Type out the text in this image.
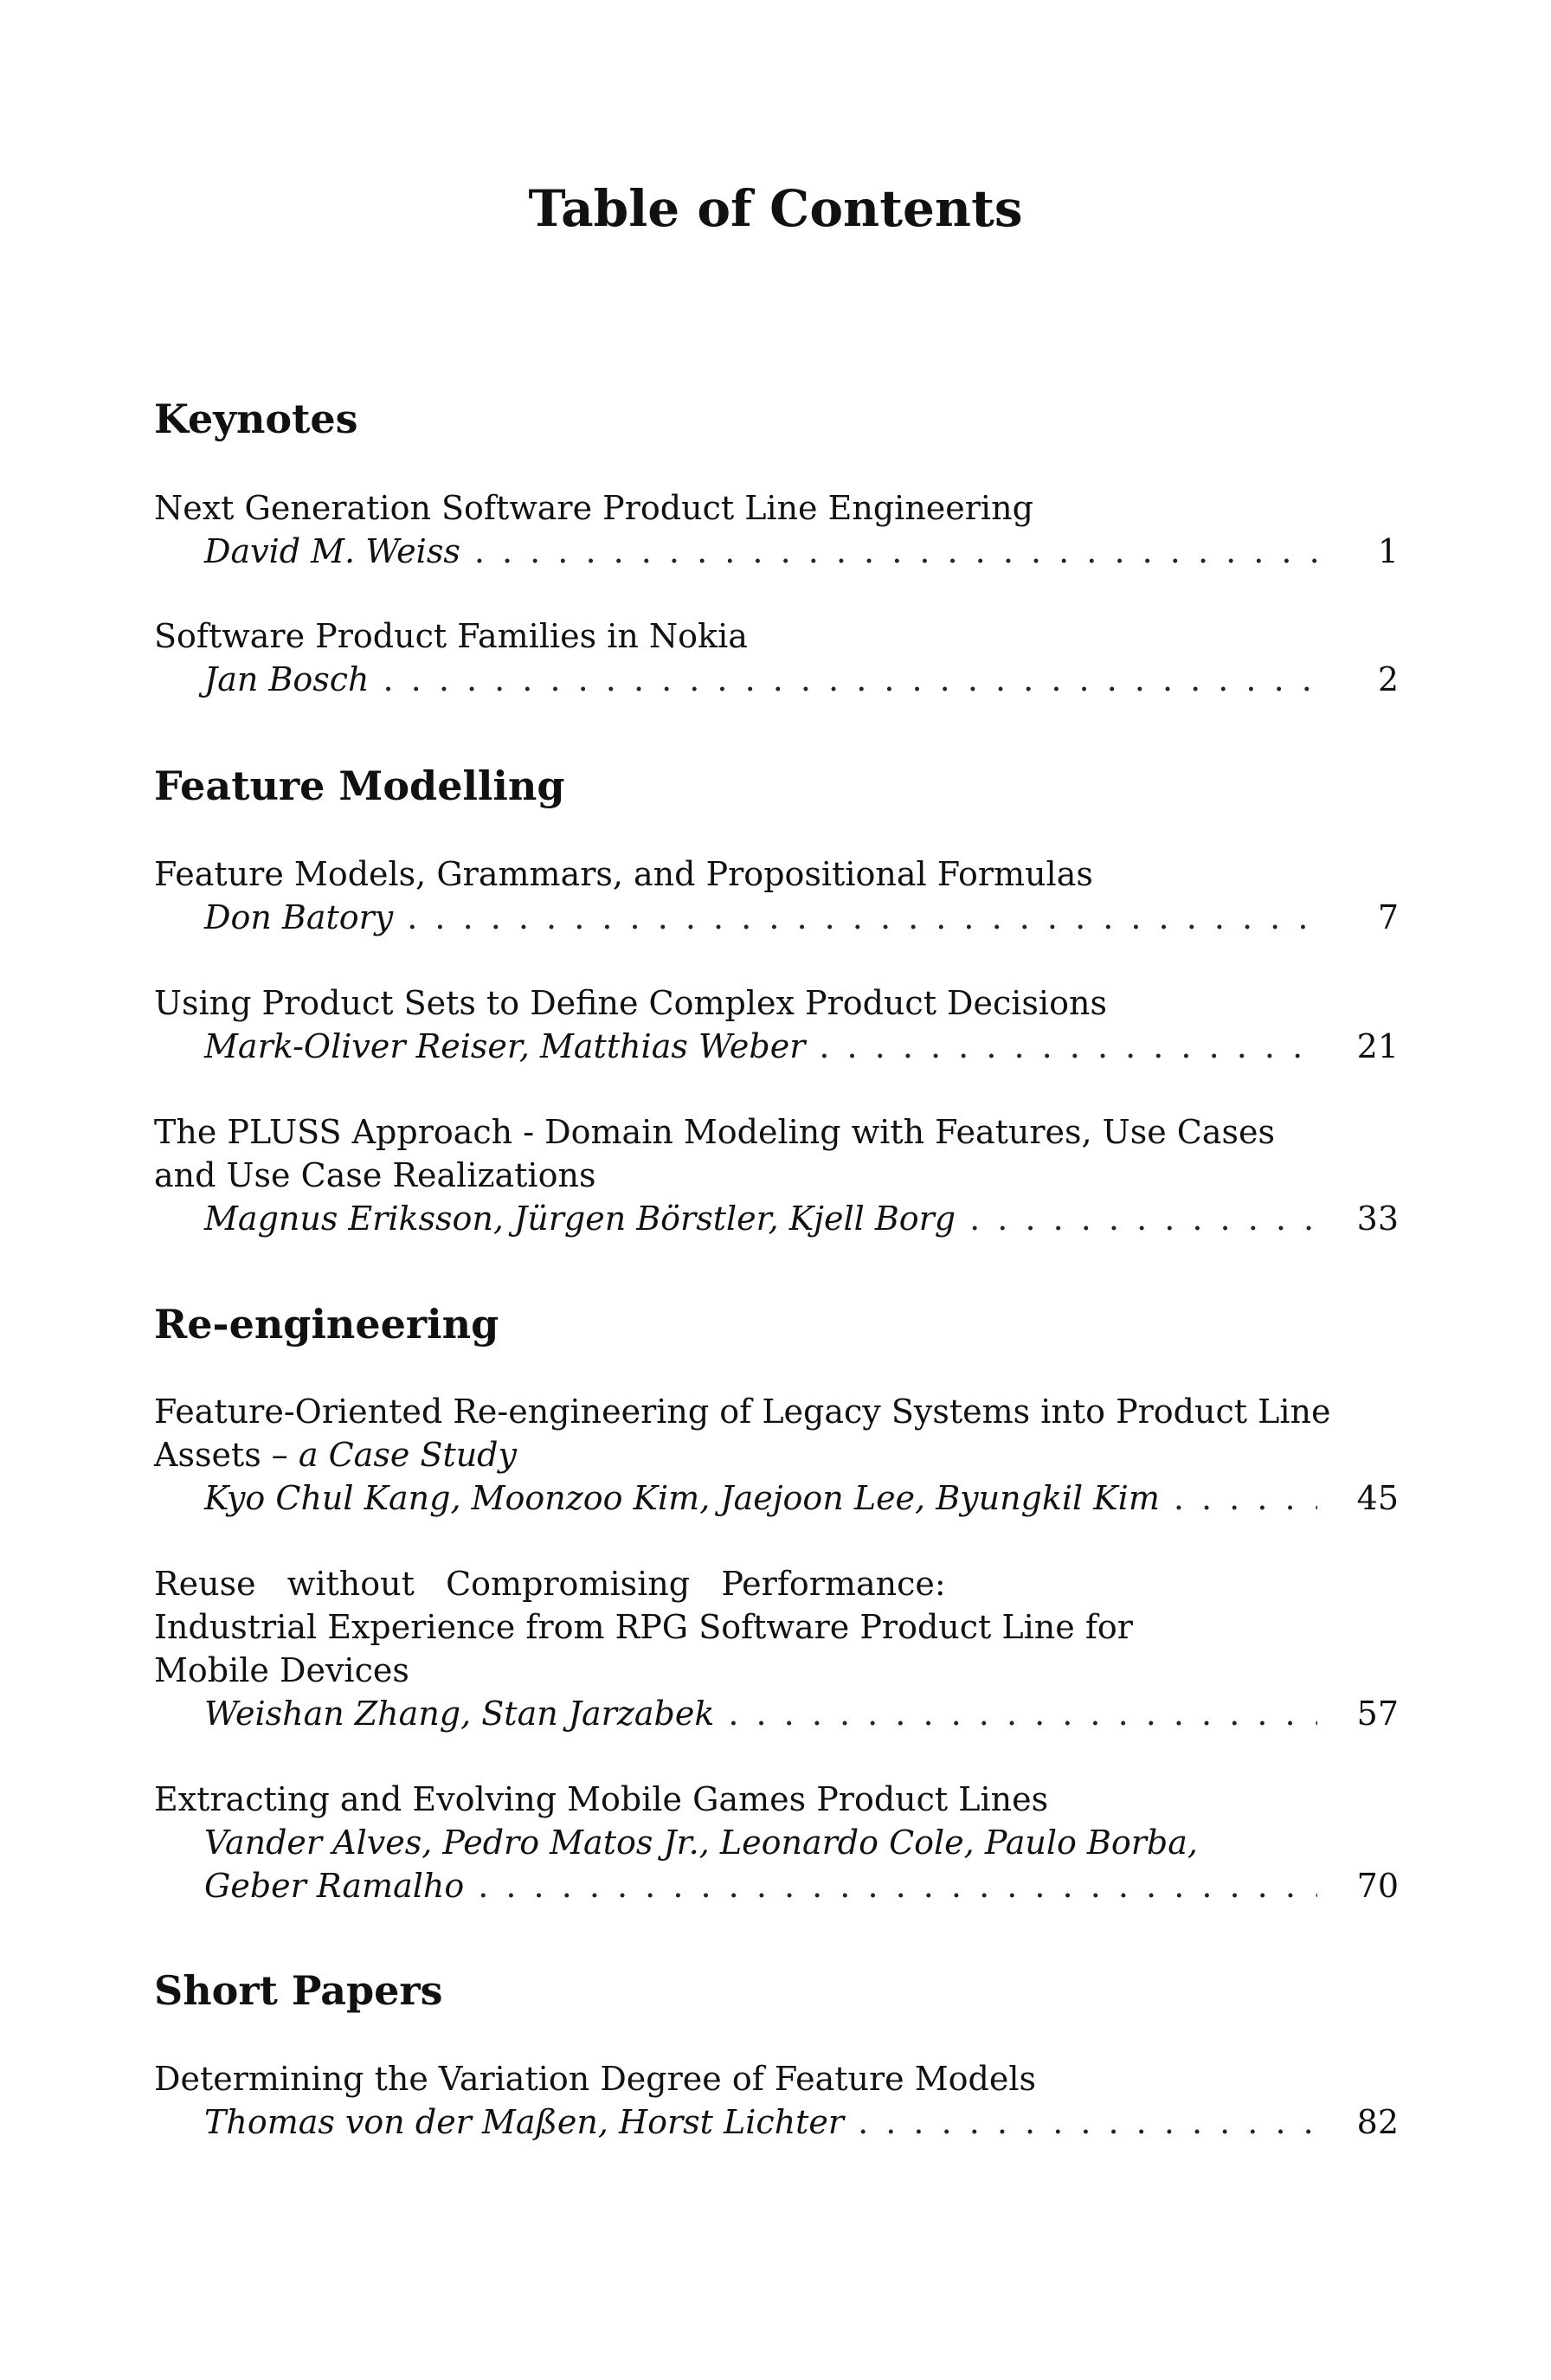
Table of Contents
Keynotes
Next Generation Software Product Line Engineering
David M. Weiss . . .	1
Software Product Families in Nokia
Jan Bosch . . .	2
Feature Modelling
Feature Models, Grammars, and Propositional Formulas
Don Batory . . .	7
Using Product Sets to Define Complex Product Decisions
Mark-Oliver Reiser, Matthias Weber . . .	21
The PLUSS Approach - Domain Modeling with Features, Use Cases
and Use Case Realizations
Magnus Eriksson, Jürgen Börstler, Kjell Borg . . .	33
Re-engineering
Feature-Oriented Re-engineering of Legacy Systems into Product Line
Assets – a Case Study
Kyo Chul Kang, Moonzoo Kim, Jaejoon Lee, Byungkil Kim . . .	45
Reuse   without   Compromising   Performance:
Industrial Experience from RPG Software Product Line for
Mobile Devices
Weishan Zhang, Stan Jarzabek . . .	57
Extracting and Evolving Mobile Games Product Lines
Vander Alves, Pedro Matos Jr., Leonardo Cole, Paulo Borba,
Geber Ramalho . . .	70
Short Papers
Determining the Variation Degree of Feature Models
Thomas von der Maßen, Horst Lichter . . .	82
